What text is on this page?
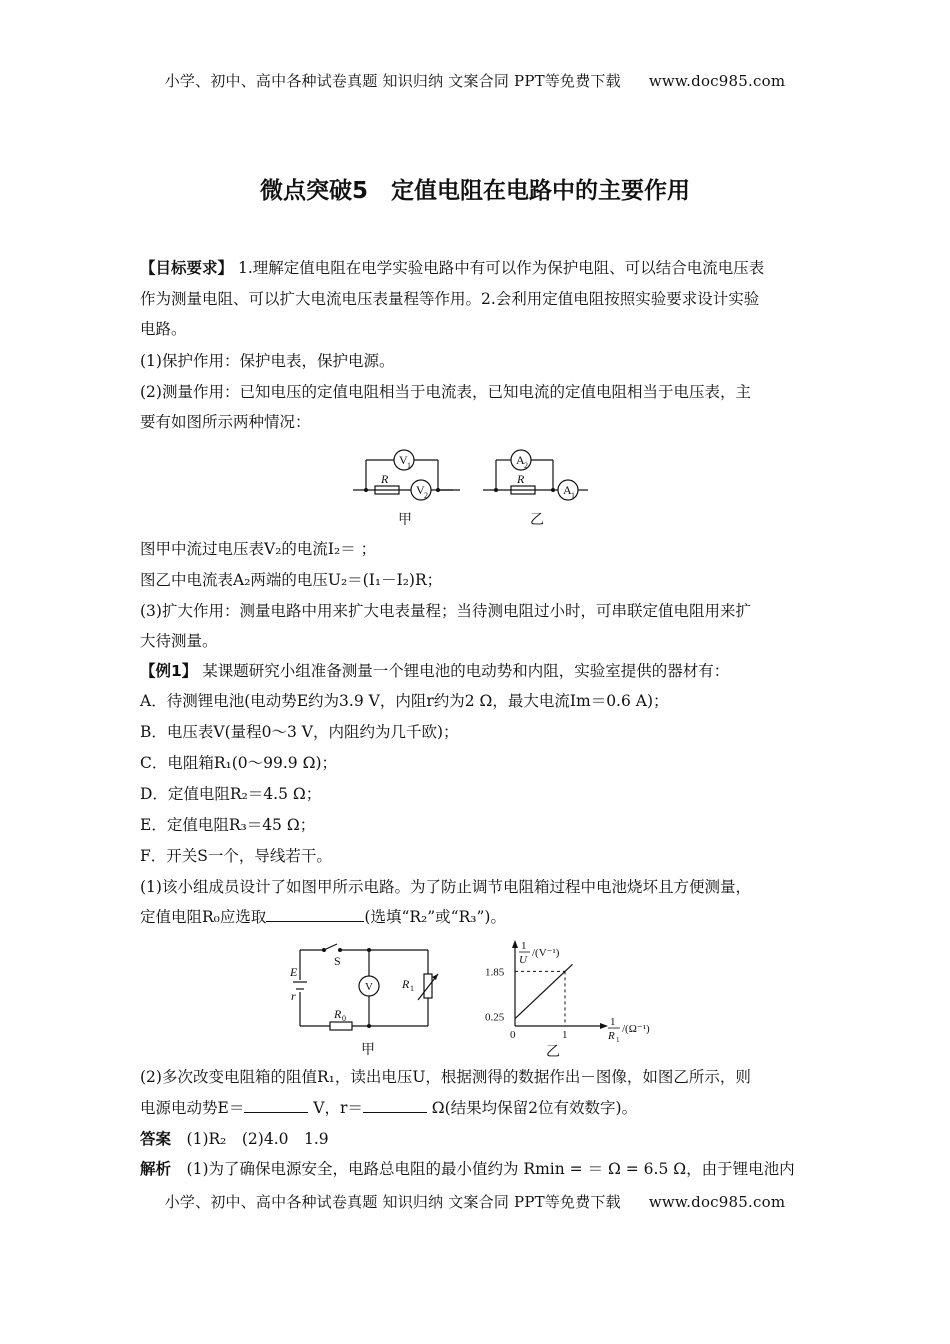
小学、初中、高中各种试卷真题 知识归纳 文案合同 PPT等免费下载 www.doc985.com
微点突破5　定值电阻在电路中的主要作用
【目标要求】 1.理解定值电阻在电学实验电路中有可以作为保护电阻、可以结合电流电压表
作为测量电阻、可以扩大电流电压表量程等作用。2.会利用定值电阻按照实验要求设计实验
电路。
(1)保护作用：保护电表，保护电源。
(2)测量作用：已知电压的定值电阻相当于电流表，已知电流的定值电阻相当于电压表，主
要有如图所示两种情况：
V 1
V 2
R
A 2
R
A 1
甲	乙
图甲中流过电压表V₂的电流I₂＝ ；
图乙中电流表A₂两端的电压U₂＝(I₁－I₂)R；
(3)扩大作用：测量电路中用来扩大电表量程；当待测电阻过小时，可串联定值电阻用来扩
大待测量。
【例1】 某课题研究小组准备测量一个锂电池的电动势和内阻，实验室提供的器材有：
A．待测锂电池(电动势E约为3.9 V，内阻r约为2 Ω，最大电流Im＝0.6 A)；
B．电压表V(量程0～3 V，内阻约为几千欧)；
C．电阻箱R₁(0～99.9 Ω)；
D．定值电阻R₂＝4.5 Ω；
E．定值电阻R₃＝45 Ω；
F．开关S一个，导线若干。
(1)该小组成员设计了如图甲所示电路。为了防止调节电阻箱过程中电池烧坏且方便测量，
定值电阻R₀应选取	(选填“R₂”或“R₃”)。
S
E
r
V R 1
R 0
甲
1
U
/(V⁻¹)
1.85
0.25
0	1
1
R 1
/(Ω⁻¹)
乙
(2)多次改变电阻箱的阻值R₁，读出电压U，根据测得的数据作出－图像，如图乙所示，则
电源电动势E＝	V，r＝	Ω(结果均保留2位有效数字)。
答案　 (1)R₂　(2)4.0　1.9
解析　 (1)为了确保电源安全，电路总电阻的最小值约为 Rmin = ＝ Ω = 6.5 Ω，由于锂电池内
小学、初中、高中各种试卷真题 知识归纳 文案合同 PPT等免费下载 www.doc985.com
